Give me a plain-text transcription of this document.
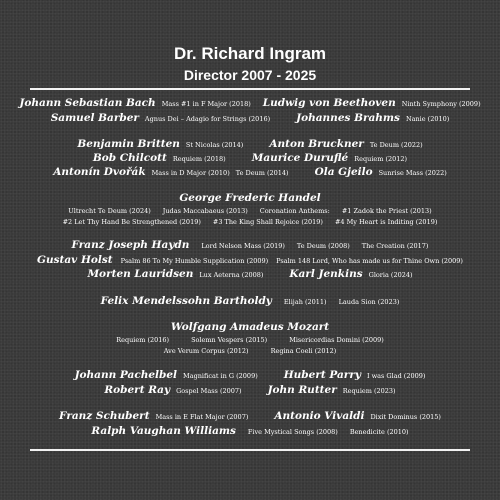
Dr. Richard Ingram
Director 2007 - 2025
Johann Sebastian Bach Mass #1 in F Major (2018) Ludwig von Beethoven Ninth Symphony (2009)
Samuel Barber Agnus Dei – Adagio for Strings (2016) Johannes Brahms Nanie (2010)
Benjamin Britten St Nicolas (2014) Anton Bruckner Te Deum (2022)
Bob Chilcott Requiem (2018) Maurice Duruflé Requiem (2012)
Antonín Dvořák Mass in D Major (2010) Te Deum (2014) Ola Gjeilo Sunrise Mass (2022)
George Frederic Handel
Ultrecht Te Deum (2024) Judas Maccabaeus (2013) Coronation Anthems: #1 Zadok the Priest (2013)
#2 Let Thy Hand Be Strengthened (2019) #3 The King Shall Rejoice (2019) #4 My Heart is Inditing (2019)
Franz Joseph Haydn Lord Nelson Mass (2019) Te Deum (2008) The Creation (2017)
Gustav Holst Psalm 86 To My Humble Supplication (2009) Psalm 148 Lord, Who has made us for Thine Own (2009)
Morten Lauridsen Lux Aeterna (2008) Karl Jenkins Gloria (2024)
Felix Mendelssohn Bartholdy Elijah (2011) Lauda Sion (2023)
Wolfgang Amadeus Mozart
Requiem (2016)	Solemn Vespers (2015)	Misericordias Domini (2009)
Ave Verum Corpus (2012)	Regina Coeli (2012)
Johann Pachelbel Magnificat in G (2009) Hubert Parry I was Glad (2009)
Robert Ray Gospel Mass (2007) John Rutter Requiem (2023)
Franz Schubert Mass in E Flat Major (2007) Antonio Vivaldi Dixit Dominus (2015)
Ralph Vaughan Williams Five Mystical Songs (2008) Benedicite (2010)
